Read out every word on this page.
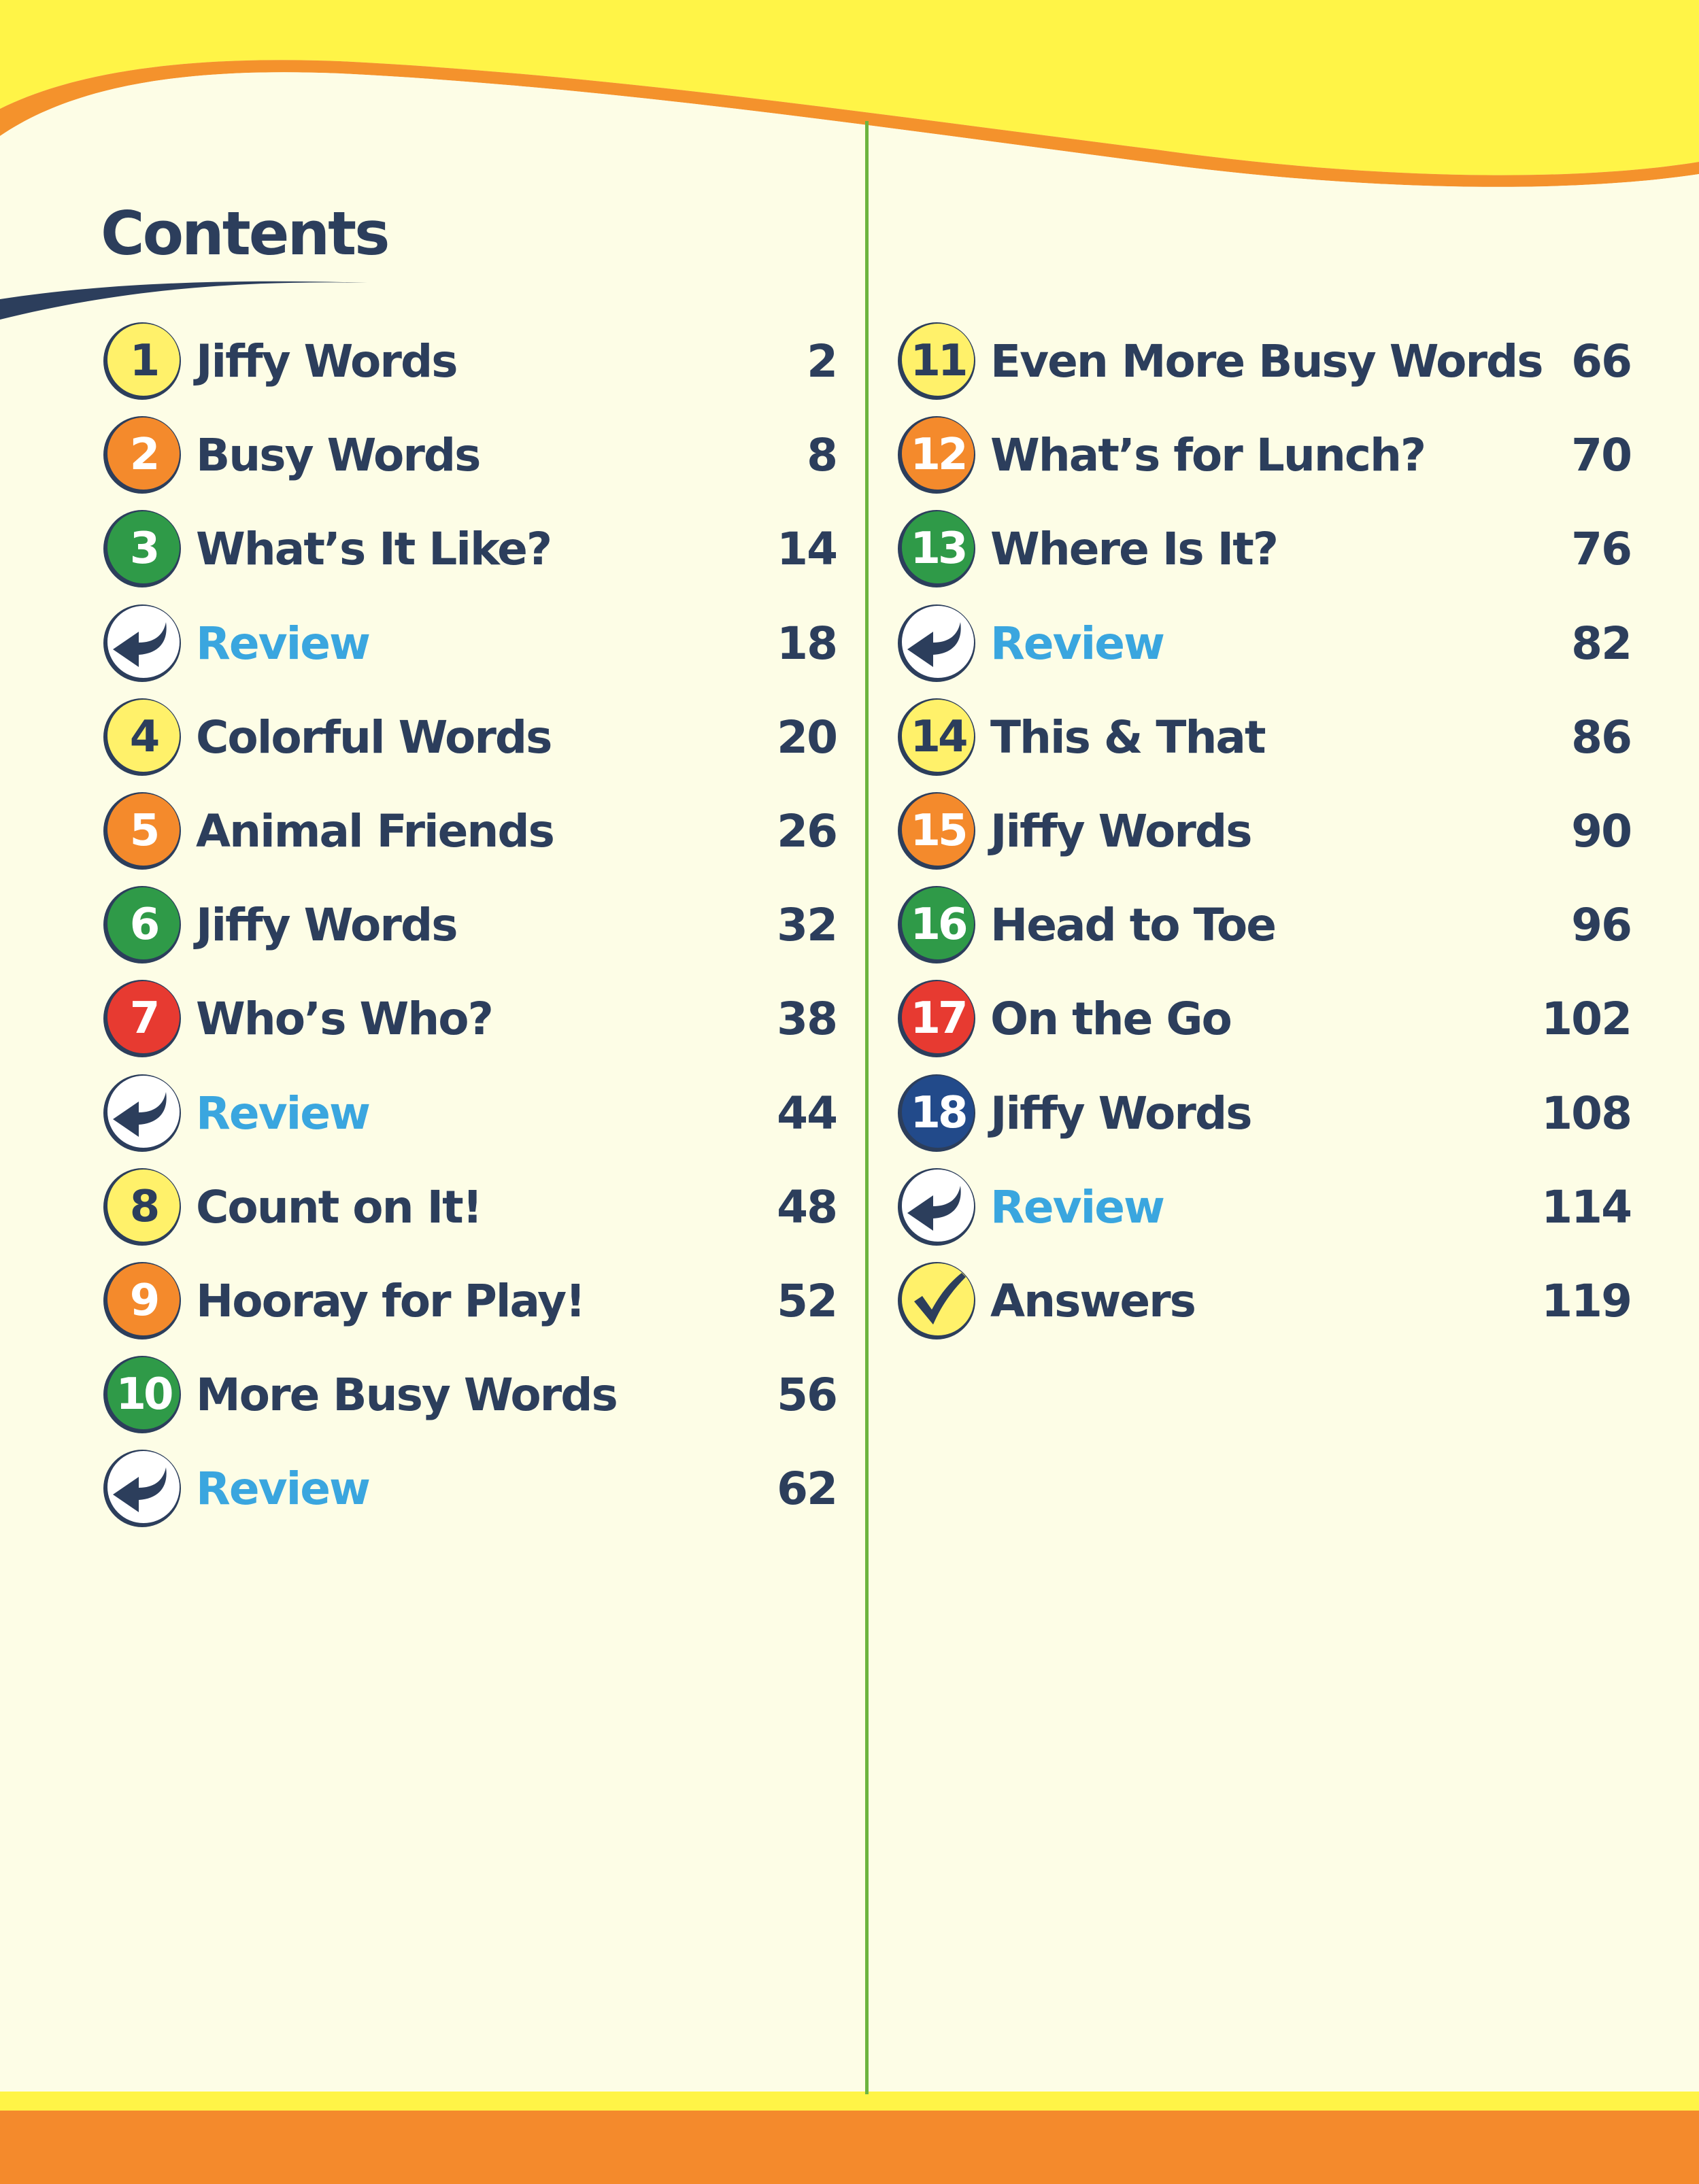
Contents
1 Jiffy Words	2
2 Busy Words	8
3 What’s It Like?	14
Review	18
4 Colorful Words	20
5 Animal Friends	26
6 Jiffy Words	32
7 Who’s Who?	38
Review	44
8 Count on It!	48
9 Hooray for Play!	52
10 More Busy Words	56
Review	62
11 Even More Busy Words 66
12 What’s for Lunch?	70
13 Where Is It?	76
Review	82
14 This & That	86
15 Jiffy Words	90
16 Head to Toe	96
17 On the Go	102
18 Jiffy Words	108
Review	114
Answers	119
